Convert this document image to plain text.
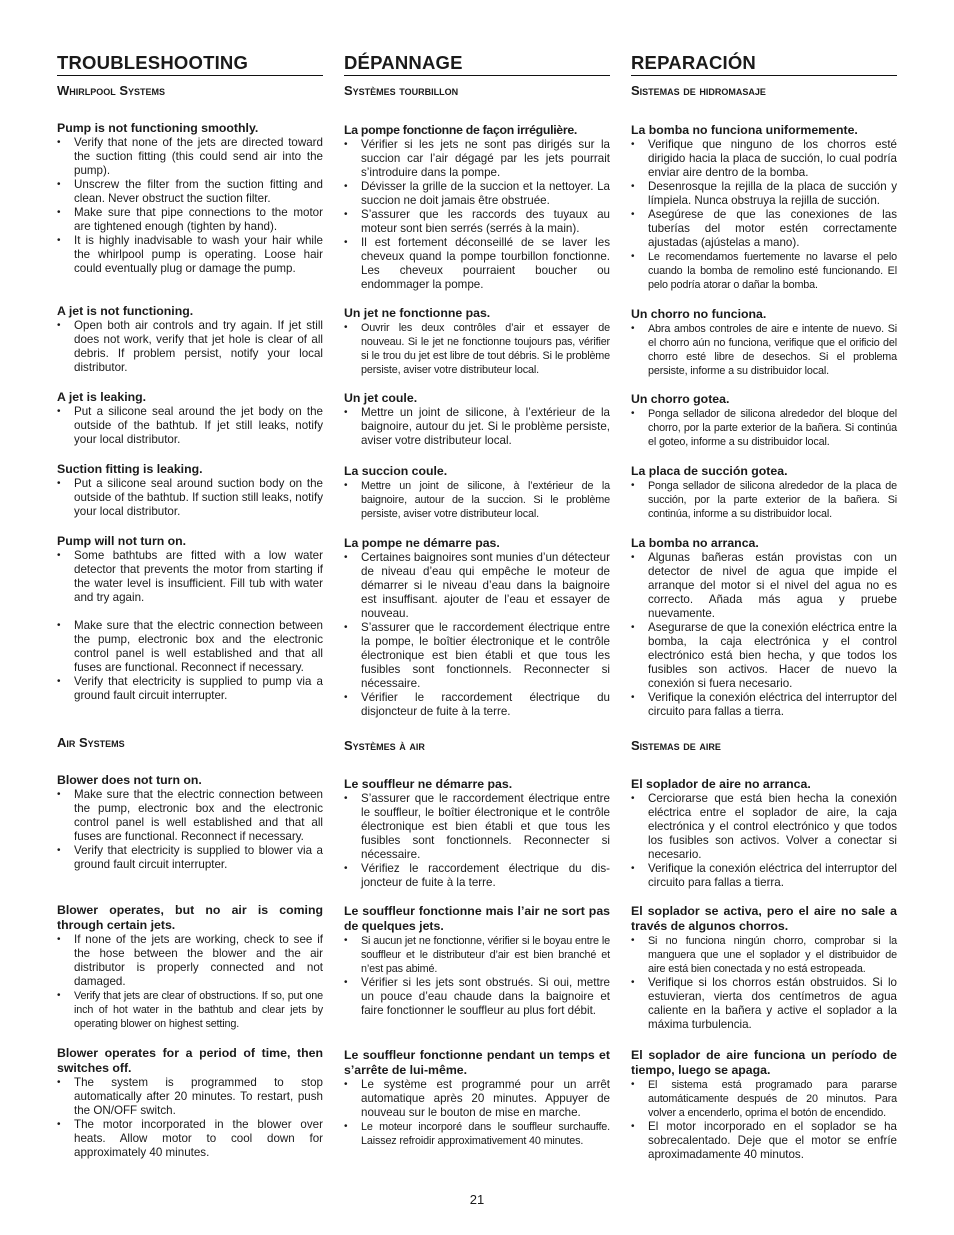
TROUBLESHOOTING
Whirlpool Systems
Pump is not functioning smoothly.
• Verify that none of the jets are directed toward the suction fitting (this could send air into the pump).
• Unscrew the filter from the suction fitting and clean. Never obstruct the suction filter.
• Make sure that pipe connections to the motor are tightened enough (tighten by hand).
• It is highly inadvisable to wash your hair while the whirlpool pump is operating. Loose hair could eventually plug or damage the pump.
A jet is not functioning.
• Open both air controls and try again. If jet still does not work, verify that jet hole is clear of all debris. If problem persist, notify your local distributor.
A jet is leaking.
• Put a silicone seal around the jet body on the outside of the bathtub. If jet still leaks, notify your local distributor.
Suction fitting is leaking.
• Put a silicone seal around suction body on the outside of the bathtub. If suction still leaks, notify your local distributor.
Pump will not turn on.
• Some bathtubs are fitted with a low water detector that prevents the motor from starting if the water level is insufficient. Fill tub with water and try again.
• Make sure that the electric connection between the pump, electronic box and the electronic control panel is well established and that all fuses are functional. Reconnect if necessary.
• Verify that electricity is supplied to pump via a ground fault circuit interrupter.
Air Systems
Blower does not turn on.
• Make sure that the electric connection between the pump, electronic box and the electronic control panel is well established and that all fuses are functional. Reconnect if necessary.
• Verify that electricity is supplied to blower via a ground fault circuit interrupter.
Blower operates, but no air is coming through certain jets.
• If none of the jets are working, check to see if the hose between the blower and the air distributor is properly connected and not damaged.
• Verify that jets are clear of obstructions. If so, put one inch of hot water in the bathtub and clear jets by operating blower on highest setting.
Blower operates for a period of time, then switches off.
• The system is programmed to stop automatically after 20 minutes. To restart, push the ON/OFF switch.
• The motor incorporated in the blower over heats. Allow motor to cool down for approximately 40 minutes.
DÉPANNAGE
Systèmes tourbillon
La pompe fonctionne de façon irrégulière.
• Vérifier si les jets ne sont pas dirigés sur la succion car l’air dégagé par les jets pourrait s’introduire dans la pompe.
• Dévisser la grille de la succion et la nettoyer. La succion ne doit jamais être obstruée.
• S’assurer que les raccords des tuyaux au moteur sont bien serrés (serrés à la main).
• Il est fortement déconseillé de se laver les cheveux quand la pompe tourbillon fonctionne. Les cheveux pourraient boucher ou endommager la pompe.
Un jet ne fonctionne pas.
• Ouvrir les deux contrôles d’air et essayer de nouveau. Si le jet ne fonctionne toujours pas, vérifier si le trou du jet est libre de tout débris. Si le problème persiste, aviser votre distributeur local.
Un jet coule.
• Mettre un joint de silicone, à l’extérieur de la baignoire, autour du jet. Si le problème persiste, aviser votre distributeur local.
La succion coule.
• Mettre un joint de silicone, à l’extérieur de la baignoire, autour de la succion. Si le problème persiste, aviser votre distributeur local.
La pompe ne démarre pas.
• Certaines baignoires sont munies d’un détecteur de niveau d’eau qui empêche le moteur de démarrer si le niveau d’eau dans la baignoire est insuffisant. ajouter de l’eau et essayer de nouveau.
• S’assurer que le raccordement électrique entre la pompe, le boîtier électronique et le contrôle électronique est bien établi et que tous les fusibles sont fonctionnels. Reconnecter si nécessaire.
• Vérifier le raccordement électrique du disjoncteur de fuite à la terre.
Systèmes à air
Le souffleur ne démarre pas.
• S’assurer que le raccordement électrique entre le souffleur, le boîtier électronique et le contrôle électronique est bien établi et que tous les fusibles sont fonctionnels. Reconnecter si nécessaire.
• Vérifiez le raccordement électrique du dis-joncteur de fuite à la terre.
Le souffleur fonctionne mais l’air ne sort pas de quelques jets.
• Si aucun jet ne fonctionne, vérifier si le boyau entre le souffleur et le distributeur d’air est bien branché et n’est pas abimé.
• Vérifier si les jets sont obstrués. Si oui, mettre un pouce d’eau chaude dans la baignoire et faire fonctionner le souffleur au plus fort débit.
Le souffleur fonctionne pendant un temps et s’arrête de lui-même.
• Le système est programmé pour un arrêt automatique après 20 minutes. Appuyer de nouveau sur le bouton de mise en marche.
• Le moteur incorporé dans le souffleur surchauffe. Laissez refroidir approximativement 40 minutes.
REPARACIÓN
Sistemas de hidromasaje
La bomba no funciona uniformemente.
• Verifique que ninguno de los chorros esté dirigido hacia la placa de succión, lo cual podría enviar aire dentro de la bomba.
• Desenrosque la rejilla de la placa de succión y límpiela. Nunca obstruya la rejilla de succión.
• Asegúrese de que las conexiones de las tuberías del motor estén correctamente ajustadas (ajústelas a mano).
• Le recomendamos fuertemente no lavarse el pelo cuando la bomba de remolino esté funcionando. El pelo podría atorar o dañar la bomba.
Un chorro no funciona.
• Abra ambos controles de aire e intente de nuevo. Si el chorro aún no funciona, verifique que el orificio del chorro esté libre de desechos. Si el problema persiste, informe a su distribuidor local.
Un chorro gotea.
• Ponga sellador de silicona alrededor del bloque del chorro, por la parte exterior de la bañera. Si continúa el goteo, informe a su distribuidor local.
La placa de succión gotea.
• Ponga sellador de silicona alrededor de la placa de succión, por la parte exterior de la bañera. Si continúa, informe a su distribuidor local.
La bomba no arranca.
• Algunas bañeras están provistas con un detector de nivel de agua que impide el arranque del motor si el nivel del agua no es correcto. Añada más agua y pruebe nuevamente.
• Asegurarse de que la conexión eléctrica entre la bomba, la caja electrónica y el control electrónico está bien hecha, y que todos los fusibles son activos. Hacer de nuevo la conexión si fuera necesario.
• Verifique la conexión eléctrica del interruptor del circuito para fallas a tierra.
Sistemas de aire
El soplador de aire no arranca.
• Cerciorarse que está bien hecha la conexión eléctrica entre el soplador de aire, la caja electrónica y el control electrónico y que todos los fusibles son activos. Volver a conectar si necesario.
• Verifique la conexión eléctrica del interruptor del circuito para fallas a tierra.
El soplador se activa, pero el aire no sale a través de algunos chorros.
• Si no funciona ningún chorro, comprobar si la manguera que une el soplador y el distribuidor de aire está bien conectada y no está estropeada.
• Verifique si los chorros están obstruidos. Si lo estuvieran, vierta dos centímetros de agua caliente en la bañera y active el soplador a la máxima turbulencia.
El soplador de aire funciona un período de tiempo, luego se apaga.
• El sistema está programado para pararse automáticamente después de 20 minutos. Para volver a encenderlo, oprima el botón de encendido.
• El motor incorporado en el soplador se ha sobrecalentado. Deje que el motor se enfríe aproximadamente 40 minutos.
21
